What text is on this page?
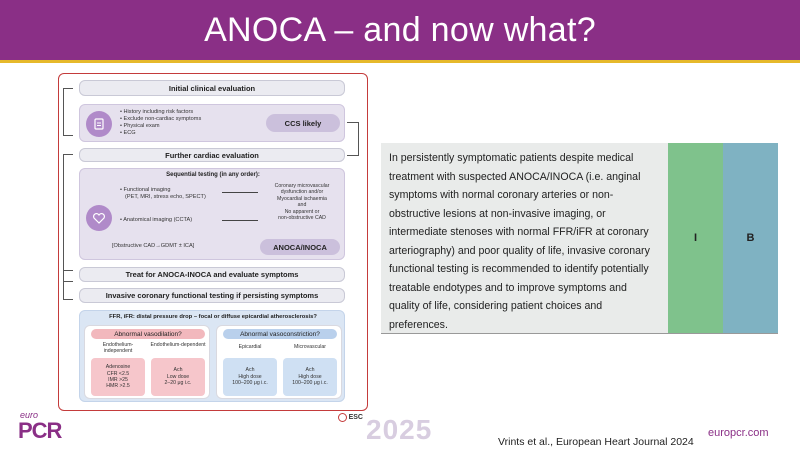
ANOCA – and now what?
Initial clinical evaluation
• History including risk factors
• Exclude non-cardiac symptoms
• Physical exam
• ECG
CCS likely
Further cardiac evaluation
Sequential testing (in any order):
• Functional imaging
(PET, MRI, stress echo, SPECT)
• Anatomical imaging (CCTA)
Coronary microvascular
dysfunction and/or
Myocardial ischaemia
and
No apparent or
non-obstructive CAD
[Obstructive CAD→GDMT ± ICA]	ANOCA/INOCA
Treat for ANOCA-INOCA and evaluate symptoms
Invasive coronary functional testing if persisting symptoms
FFR, iFR: distal pressure drop – focal or diffuse epicardial atherosclerosis?
Abnormal vasodilation?
Endothelium-independent
Endothelium-dependent
Adenosine
CFR <2.5
IMR >25
HMR >2.5
Ach
Low dose
2–20 μg i.c.
Abnormal vasoconstriction?
Epicardial	Microvascular
Ach
High dose
100–200 μg i.c.
Ach
High dose
100–200 μg i.c.
ESC
In persistently symptomatic patients despite medical treatment with suspected ANOCA/INOCA (i.e. anginal symptoms with normal coronary arteries or non-obstructive lesions at non-invasive imaging, or intermediate stenoses with normal FFR/iFR at coronary arteriography) and poor quality of life, invasive coronary functional testing is recommended to identify potentially treatable endotypes and to improve symptoms and quality of life, considering patient choices and preferences.
I	B
euro
PCR	2025	Vrints et al., European Heart Journal 2024
europcr.com
